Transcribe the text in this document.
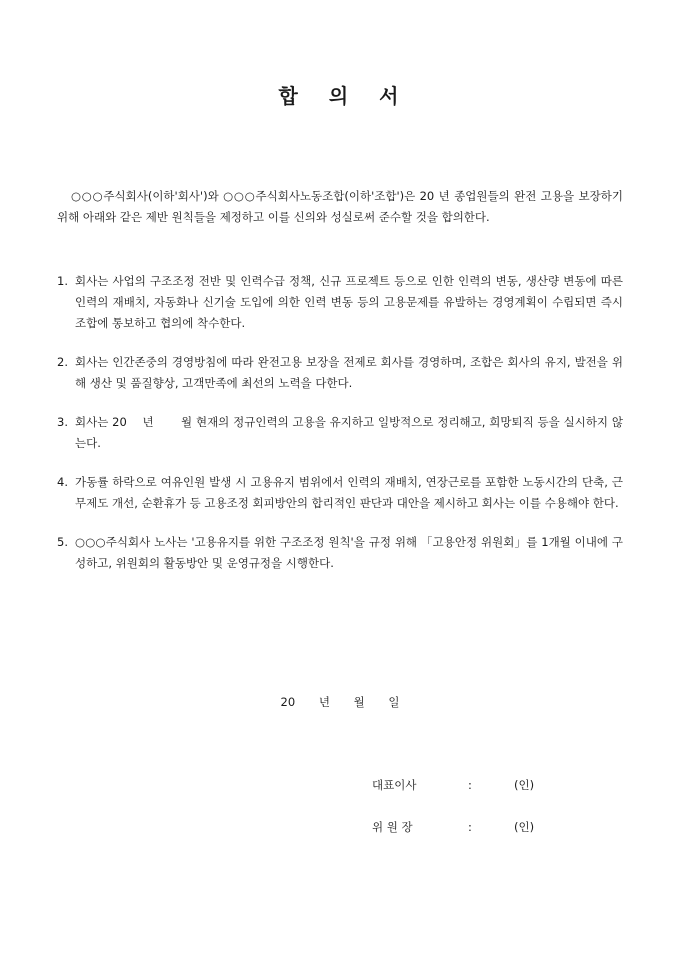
합 의 서

○○○주식회사(이하'회사')와 ○○○주식회사노동조합(이하'조합')은 20 년 종업원들의 완전 고용을 보장하기 위해 아래와 같은 제반 원칙들을 제정하고 이를 신의와 성실로써 준수할 것을 합의한다.

1. 회사는 사업의 구조조정 전반 및 인력수급 정책, 신규 프로젝트 등으로 인한 인력의 변동, 생산량 변동에 따른 인력의 재배치, 자동화나 신기술 도입에 의한 인력 변동 등의 고용문제를 유발하는 경영계획이 수립되면 즉시 조합에 통보하고 협의에 착수한다.
2. 회사는 인간존중의 경영방침에 따라 완전고용 보장을 전제로 회사를 경영하며, 조합은 회사의 유지, 발전을 위해 생산 및 품질향상, 고객만족에 최선의 노력을 다한다.
3. 회사는 20　 년　　 월 현재의 정규인력의 고용을 유지하고 일방적으로 정리해고, 희망퇴직 등을 실시하지 않는다.
4. 가동률 하락으로 여유인원 발생 시 고용유지 범위에서 인력의 재배치, 연장근로를 포함한 노동시간의 단축, 근무제도 개선, 순환휴가 등 고용조정 회피방안의 합리적인 판단과 대안을 제시하고 회사는 이를 수용해야 한다.
5. ○○○주식회사 노사는 '고용유지를 위한 구조조정 원칙'을 규정 위해 「고용안정 위원회」를 1개월 이내에 구성하고, 위원회의 활동방안 및 운영규정을 시행한다.
20 년 월 일
대표이사	:	(인)
위 원 장	:	(인)
